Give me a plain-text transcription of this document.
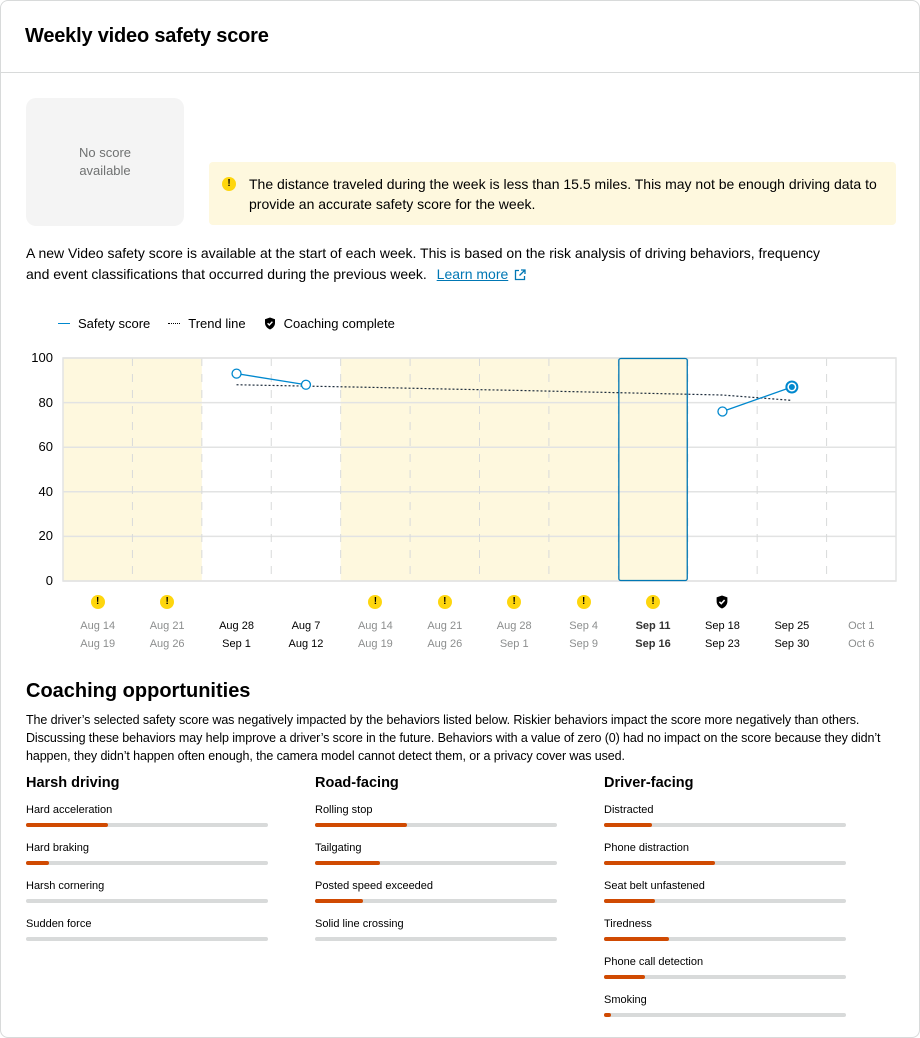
Weekly video safety score
No score
available
!	The distance traveled during the week is less than 15.5 miles. This may not be enough driving data to provide an accurate safety score for the week.
A new Video safety score is available at the start of each week. This is based on the risk analysis of driving behaviors, frequency and event classifications that occurred during the previous week. Learn more
Safety score	Trend line	Coaching complete
100
80
60
40
20
0
!
Aug 14
Aug 19
!
Aug 21
Aug 26
Aug 28
Sep 1
Aug 7
Aug 12
!
Aug 14
Aug 19
!
Aug 21
Aug 26
!
Aug 28
Sep 1
!
Sep 4
Sep 9
!
Sep 11
Sep 16
Sep 18
Sep 23
Sep 25
Sep 30
Oct 1
Oct 6
Coaching opportunities

The driver’s selected safety score was negatively impacted by the behaviors listed below. Riskier behaviors impact the score more negatively than others. Discussing these behaviors may help improve a driver’s score in the future. Behaviors with a value of zero (0) had no impact on the score because they didn’t happen, they didn’t happen often enough, the camera model cannot detect them, or a privacy cover was used.

Harsh driving
Hard acceleration
Hard braking
Harsh cornering
Sudden force
Road-facing
Rolling stop
Tailgating
Posted speed exceeded
Solid line crossing
Driver-facing
Distracted
Phone distraction
Seat belt unfastened
Tiredness
Phone call detection
Smoking
